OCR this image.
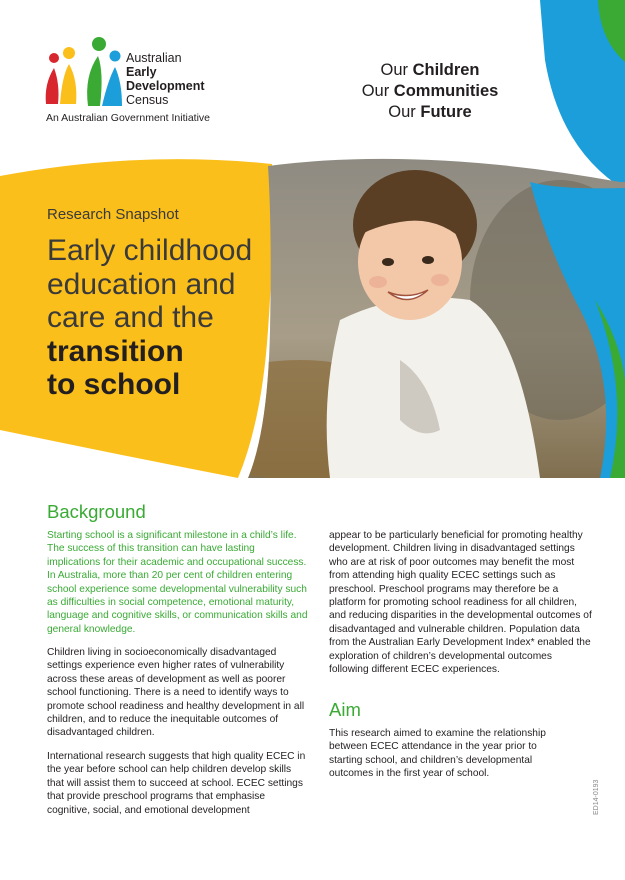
Australian
Early
Development
Census
An Australian Government Initiative
Our Children
Our Communities
Our Future
Research Snapshot
Early childhood
education and
care and the
transition
to school
Background

Starting school is a significant milestone in a child’s life. The success of this transition can have lasting implications for their academic and occupational success. In Australia, more than 20 per cent of children entering school experience some developmental vulnerability such as difficulties in social competence, emotional maturity, language and cognitive skills, or communication skills and general knowledge.

Children living in socioeconomically disadvantaged settings experience even higher rates of vulnerability across these areas of development as well as poorer school functioning. There is a need to identify ways to promote school readiness and healthy development in all children, and to reduce the inequitable outcomes of disadvantaged children.

International research suggests that high quality ECEC in the year before school can help children develop skills that will assist them to succeed at school. ECEC settings that provide preschool programs that emphasise cognitive, social, and emotional development

appear to be particularly beneficial for promoting healthy development. Children living in disadvantaged settings who are at risk of poor outcomes may benefit the most from attending high quality ECEC settings such as preschool. Preschool programs may therefore be a platform for promoting school readiness for all children, and reducing disparities in the developmental outcomes of disadvantaged and vulnerable children. Population data from the Australian Early Development Index* enabled the exploration of children’s developmental outcomes following different ECEC experiences.

Aim

This research aimed to examine the relationship between ECEC attendance in the year prior to starting school, and children’s developmental outcomes in the first year of school.

ED14-0193
